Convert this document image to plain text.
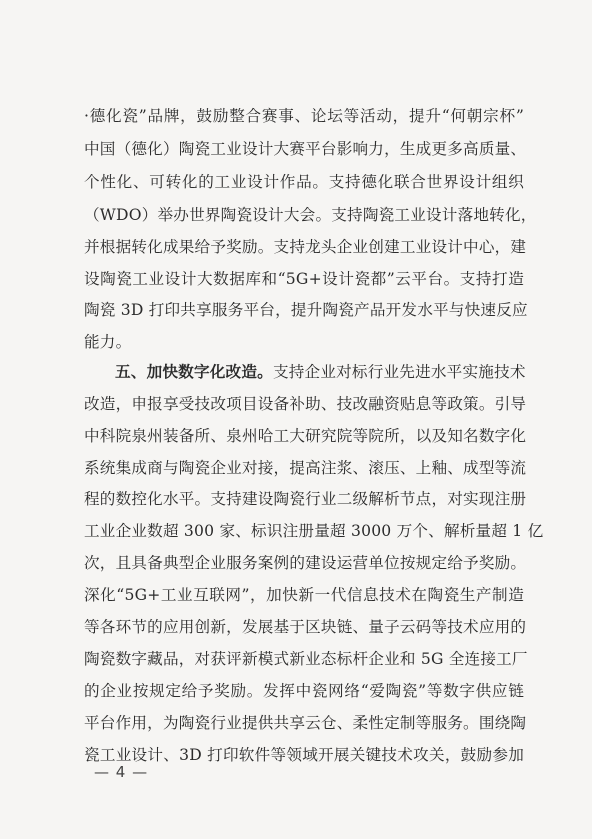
·德化瓷”品牌，鼓励整合赛事、论坛等活动，提升“何朝宗杯”
中国（德化）陶瓷工业设计大赛平台影响力，生成更多高质量、
个性化、可转化的工业设计作品。支持德化联合世界设计组织
（WDO）举办世界陶瓷设计大会。支持陶瓷工业设计落地转化，
并根据转化成果给予奖励。支持龙头企业创建工业设计中心，建
设陶瓷工业设计大数据库和“5G+设计瓷都”云平台。支持打造
陶瓷 3D 打印共享服务平台，提升陶瓷产品开发水平与快速反应
能力。
五、加快数字化改造。支持企业对标行业先进水平实施技术
改造，申报享受技改项目设备补助、技改融资贴息等政策。引导
中科院泉州装备所、泉州哈工大研究院等院所，以及知名数字化
系统集成商与陶瓷企业对接，提高注浆、滚压、上釉、成型等流
程的数控化水平。支持建设陶瓷行业二级解析节点，对实现注册
工业企业数超 300 家、标识注册量超 3000 万个、解析量超 1 亿
次，且具备典型企业服务案例的建设运营单位按规定给予奖励。
深化“5G+工业互联网”，加快新一代信息技术在陶瓷生产制造
等各环节的应用创新，发展基于区块链、量子云码等技术应用的
陶瓷数字藏品，对获评新模式新业态标杆企业和 5G 全连接工厂
的企业按规定给予奖励。发挥中瓷网络“爱陶瓷”等数字供应链
平台作用，为陶瓷行业提供共享云仓、柔性定制等服务。围绕陶
瓷工业设计、3D 打印软件等领域开展关键技术攻关，鼓励参加
— 4 —
